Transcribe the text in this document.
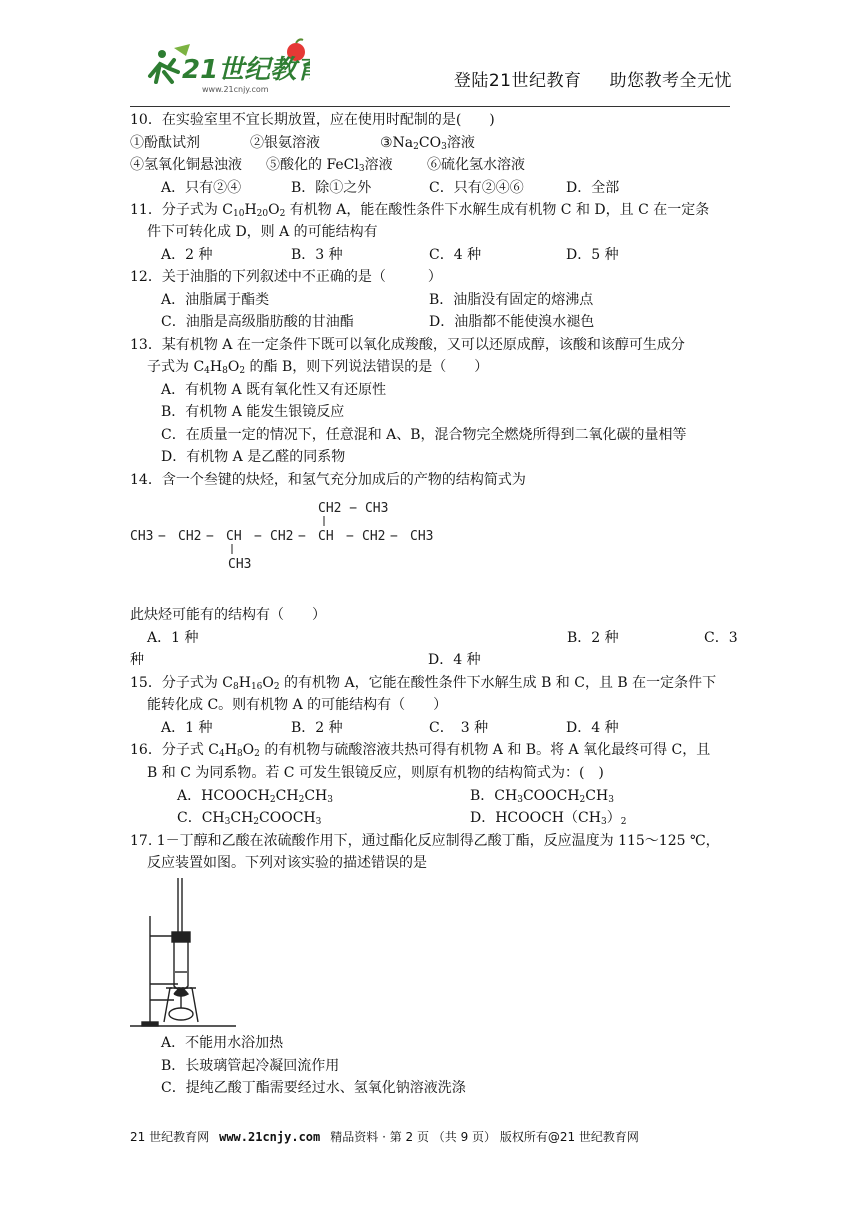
21世纪教育
www.21cnjy.com	登陆21世纪教育 助您教考全无忧
10．在实验室里不宜长期放置，应在使用时配制的是(　　)
①酚酞试剂	②银氨溶液	$③Na_2CO_3$溶液
④氢氧化铜悬浊液 ⑤酸化的 FeCl$_3$溶液 ⑥硫化氢水溶液
A．只有②④	B．除①之外	C．只有②④⑥	D．全部
11．分子式为 $C_{10}H_{20}O_2$ 有机物 A，能在酸性条件下水解生成有机物 C 和 D，且 C 在一定条
件下可转化成 D，则 A 的可能结构有
A．2 种	B．3 种	C．4 种	D．5 种
12．关于油脂的下列叙述中不正确的是（　　　）
A．油脂属于酯类	B．油脂没有固定的熔沸点
C．油脂是高级脂肪酸的甘油酯	D．油脂都不能使溴水褪色
13．某有机物 A 在一定条件下既可以氧化成羧酸，又可以还原成醇，该酸和该醇可生成分
子式为 $C_4H_8O_2$ 的酯 B，则下列说法错误的是（　　）
A．有机物 A 既有氧化性又有还原性
B．有机物 A 能发生银镜反应
C．在质量一定的情况下，任意混和 A、B，混合物完全燃烧所得到二氧化碳的量相等
D．有机物 A 是乙醛的同系物
14．含一个叁键的炔烃，和氢气充分加成后的产物的结构简式为
CH2 − CH3
CH3 − CH2 − CH − CH2 − CH − CH2 − CH3
CH3
此炔烃可能有的结构有（　　）
A．1 种	B．2 种	C．3
种	D．4 种
15．分子式为 $C_8H_{16}O_2$ 的有机物 A，它能在酸性条件下水解生成 B 和 C，且 B 在一定条件下
能转化成 C。则有机物 A 的可能结构有（　　）
A．1 种	B．2 种	C．　3 种	D．4 种
16．分子式 $C_4H_8O_2$ 的有机物与硫酸溶液共热可得有机物 A 和 B。将 A 氧化最终可得 C，且
B 和 C 为同系物。若 C 可发生银镜反应，则原有机物的结构简式为：(　)
A．$HCOOCH_2CH_2CH_3$	B．$CH_3COOCH_2CH_3$
C．$CH_3CH_2COOCH_3$	D．$HCOOCH(CH_3)_2$
17. 1－丁醇和乙酸在浓硫酸作用下，通过酯化反应制得乙酸丁酯，反应温度为 115～125 ℃，
反应装置如图。下列对该实验的描述错误的是
A．不能用水浴加热
B．长玻璃管起冷凝回流作用
C．提纯乙酸丁酯需要经过水、氢氧化钠溶液洗涤
21 世纪教育网 www.21cnjy.com 精品资料 · 第 2 页 （共 9 页） 版权所有@21 世纪教育网
